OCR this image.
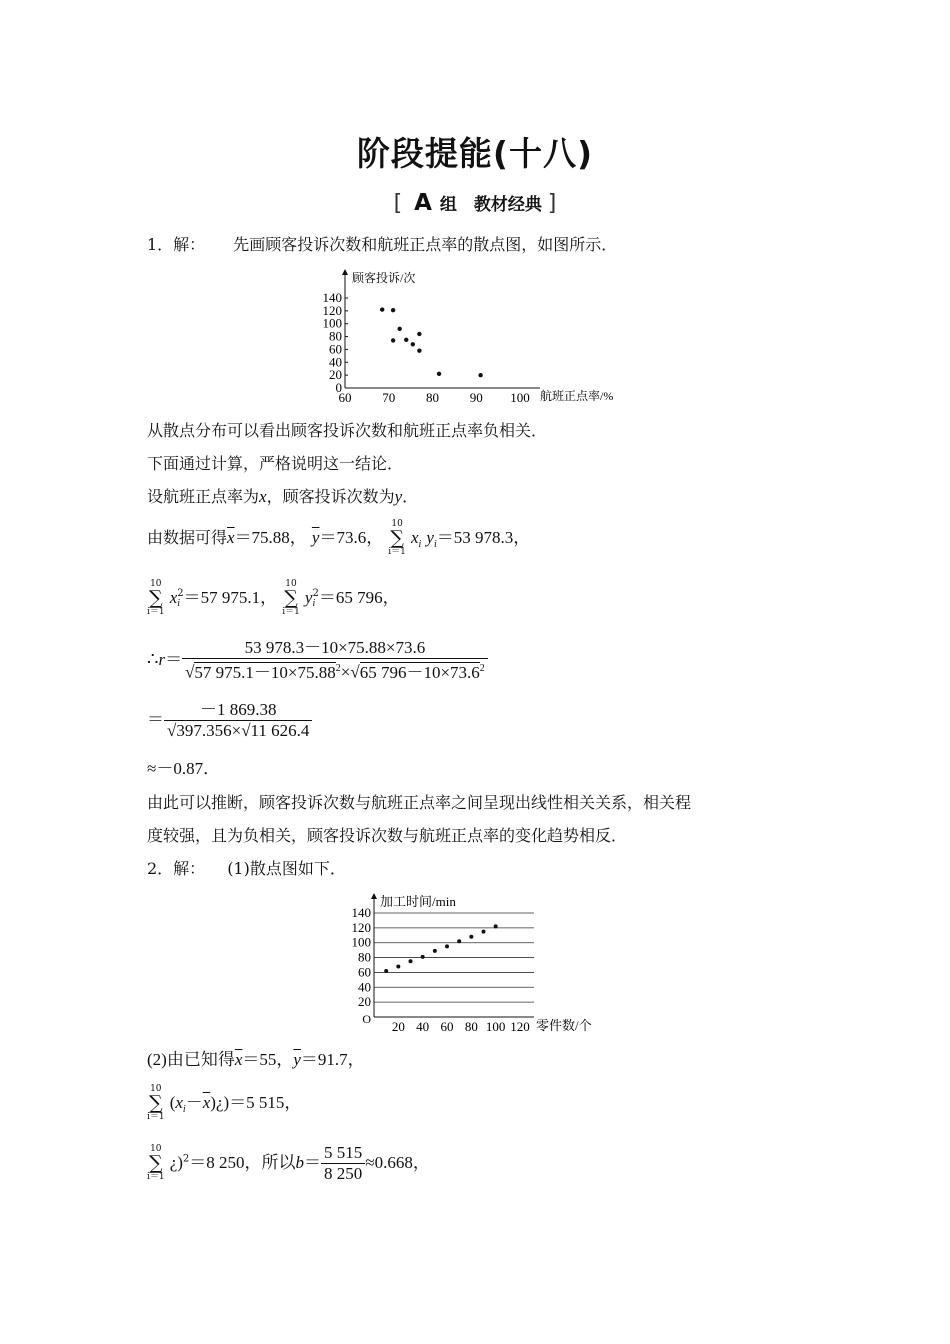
阶段提能(十八)
[ A 组　教材经典 ]
1．解： 先画顾客投诉次数和航班正点率的散点图，如图所示．
顾客投诉/次
航班正点率/%
0
20
40
60
80
100
120
140
60 70 80 90 100
从散点分布可以看出顾客投诉次数和航班正点率负相关．
下面通过计算，严格说明这一结论．
设航班正点率为x，顾客投诉次数为y．
由数据可得$\overline{x}=75.88$， $\overline{y}=73.6$，
10
∑
i＝1
$x_i$ $y_i=53$ 978.3，
10
∑
i＝1
x 2
i ＝57 975.1，
10
∑
i＝1
y 2
i ＝65 796，
∴r＝ $\frac{53 978.3-10\times 75.88\times 73.6}{√57 975.1-10\times 75.88^2\times√65 796-10\times 73.6^2}$
＝ $\frac{-1 869.38}{√397.356\times√11 626.4}$
≈－0.87．
由此可以推断，顾客投诉次数与航班正点率之间呈现出线性相关关系，相关程
度较强，且为负相关，顾客投诉次数与航班正点率的变化趋势相反．
2．解： (1)散点图如下．
加工时间/min
零件数/个
20
40
60
80
100
120
140
O 20 40 60 80 100 120
(2)由已知得$\overline{x}=55$，$\overline{y}=91.7$，
10
∑
i＝1
$(x_i-\overline{x})¿)=5$ 515，
10
∑
i＝1
¿)$^2$＝8 250，所以$b= \frac{5 515}{8 250} \approx 0.668$，
